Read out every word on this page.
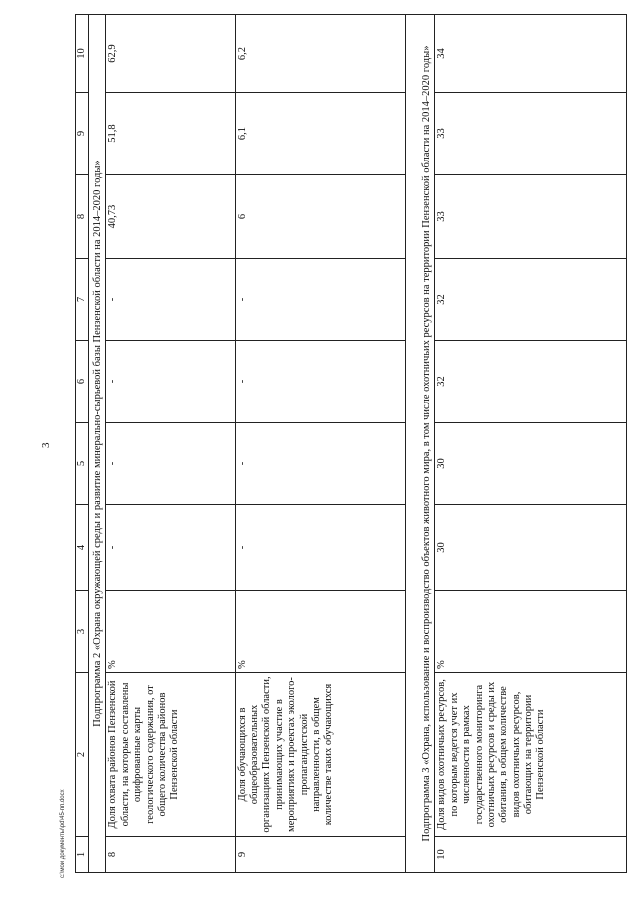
3
1	2	3	4	5	6	7	8	9	10
Подпрограмма 2 «Охрана окружающей среды и развитие минерально-сырьевой базы Пензенской области на 2014–2020 годы»									
8	Доля охвата районов Пензенской области, на которые составлены оцифрованные карты геологического содержания, от общего количества районов Пензенской области	%	-	-	-	-	40,73	51,8	62,9
9	Доля обучающихся в общеобразовательных организациях Пензенской области, принимающих участие в мероприятиях и проектах эколого-пропагандистской направленности, в общем количестве таких обучающихся	%	-	-	-	-	6	6,1	6,2
Подпрограмма 3 «Охрана, использование и воспроизводство объектов животного мира, в том числе охотничьих ресурсов на территории Пензенской области на 2014–2020 годы»									
10	Доля видов охотничьих ресурсов, по которым ведется учет их численности в рамках государственного мониторинга охотничьих ресурсов и среды их обитания, в общем количестве видов охотничьих ресурсов, обитающих на территории Пензенской области	%	30	30	32	32	33	33	34
c:\мои документы\рd\45-пп.docx
